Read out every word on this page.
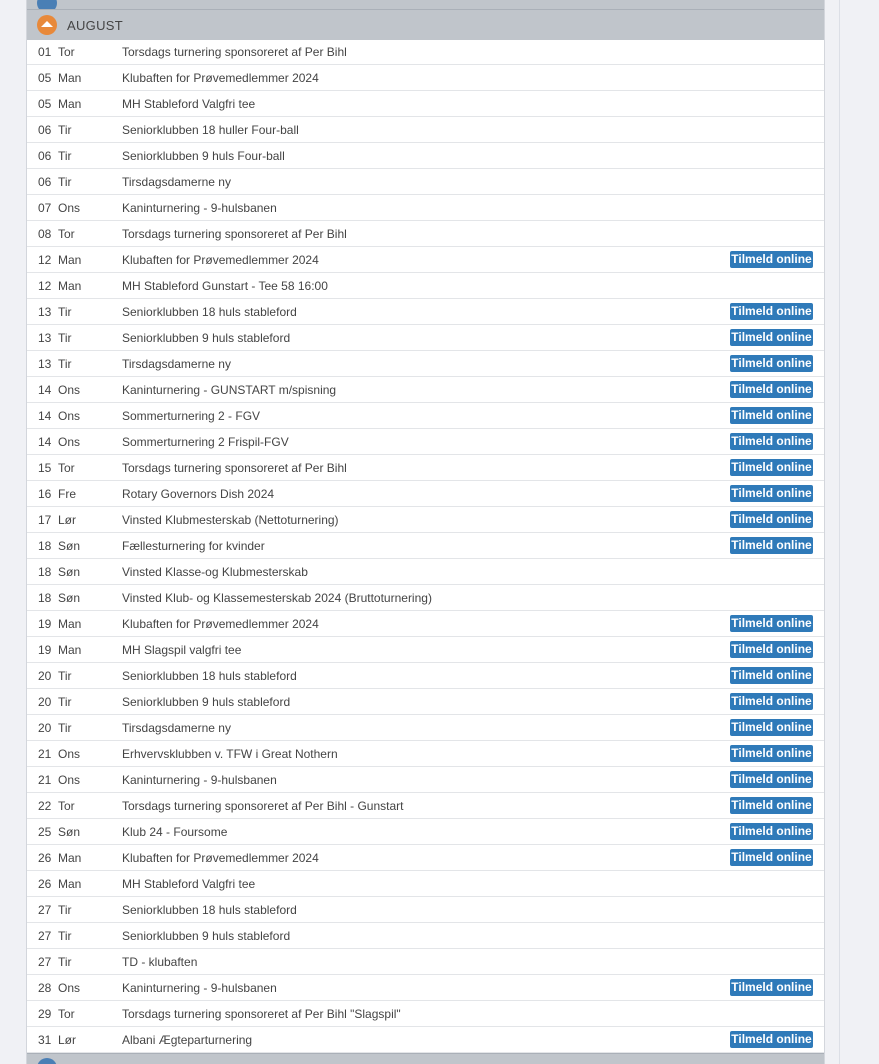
AUGUST
01 Tor	Torsdags turnering sponsoreret af Per Bihl
05 Man	Klubaften for Prøvemedlemmer 2024
05 Man	MH Stableford Valgfri tee
06 Tir	Seniorklubben 18 huller Four-ball
06 Tir	Seniorklubben 9 huls Four-ball
06 Tir	Tirsdagsdamerne ny
07 Ons	Kaninturnering - 9-hulsbanen
08 Tor	Torsdags turnering sponsoreret af Per Bihl
12 Man	Klubaften for Prøvemedlemmer 2024	Tilmeld online
12 Man	MH Stableford Gunstart - Tee 58 16:00
13 Tir	Seniorklubben 18 huls stableford	Tilmeld online
13 Tir	Seniorklubben 9 huls stableford	Tilmeld online
13 Tir	Tirsdagsdamerne ny	Tilmeld online
14 Ons	Kaninturnering - GUNSTART m/spisning	Tilmeld online
14 Ons	Sommerturnering 2 - FGV	Tilmeld online
14 Ons	Sommerturnering 2 Frispil-FGV	Tilmeld online
15 Tor	Torsdags turnering sponsoreret af Per Bihl	Tilmeld online
16 Fre	Rotary Governors Dish 2024	Tilmeld online
17 Lør	Vinsted Klubmesterskab (Nettoturnering)	Tilmeld online
18 Søn	Fællesturnering for kvinder	Tilmeld online
18 Søn	Vinsted Klasse-og Klubmesterskab
18 Søn	Vinsted Klub- og Klassemesterskab 2024 (Bruttoturnering)
19 Man	Klubaften for Prøvemedlemmer 2024	Tilmeld online
19 Man	MH Slagspil valgfri tee	Tilmeld online
20 Tir	Seniorklubben 18 huls stableford	Tilmeld online
20 Tir	Seniorklubben 9 huls stableford	Tilmeld online
20 Tir	Tirsdagsdamerne ny	Tilmeld online
21 Ons	Erhvervsklubben v. TFW i Great Nothern	Tilmeld online
21 Ons	Kaninturnering - 9-hulsbanen	Tilmeld online
22 Tor	Torsdags turnering sponsoreret af Per Bihl - Gunstart	Tilmeld online
25 Søn	Klub 24 - Foursome	Tilmeld online
26 Man	Klubaften for Prøvemedlemmer 2024	Tilmeld online
26 Man	MH Stableford Valgfri tee
27 Tir	Seniorklubben 18 huls stableford
27 Tir	Seniorklubben 9 huls stableford
27 Tir	TD - klubaften
28 Ons	Kaninturnering - 9-hulsbanen	Tilmeld online
29 Tor	Torsdags turnering sponsoreret af Per Bihl "Slagspil"
31 Lør	Albani Ægteparturnering	Tilmeld online
